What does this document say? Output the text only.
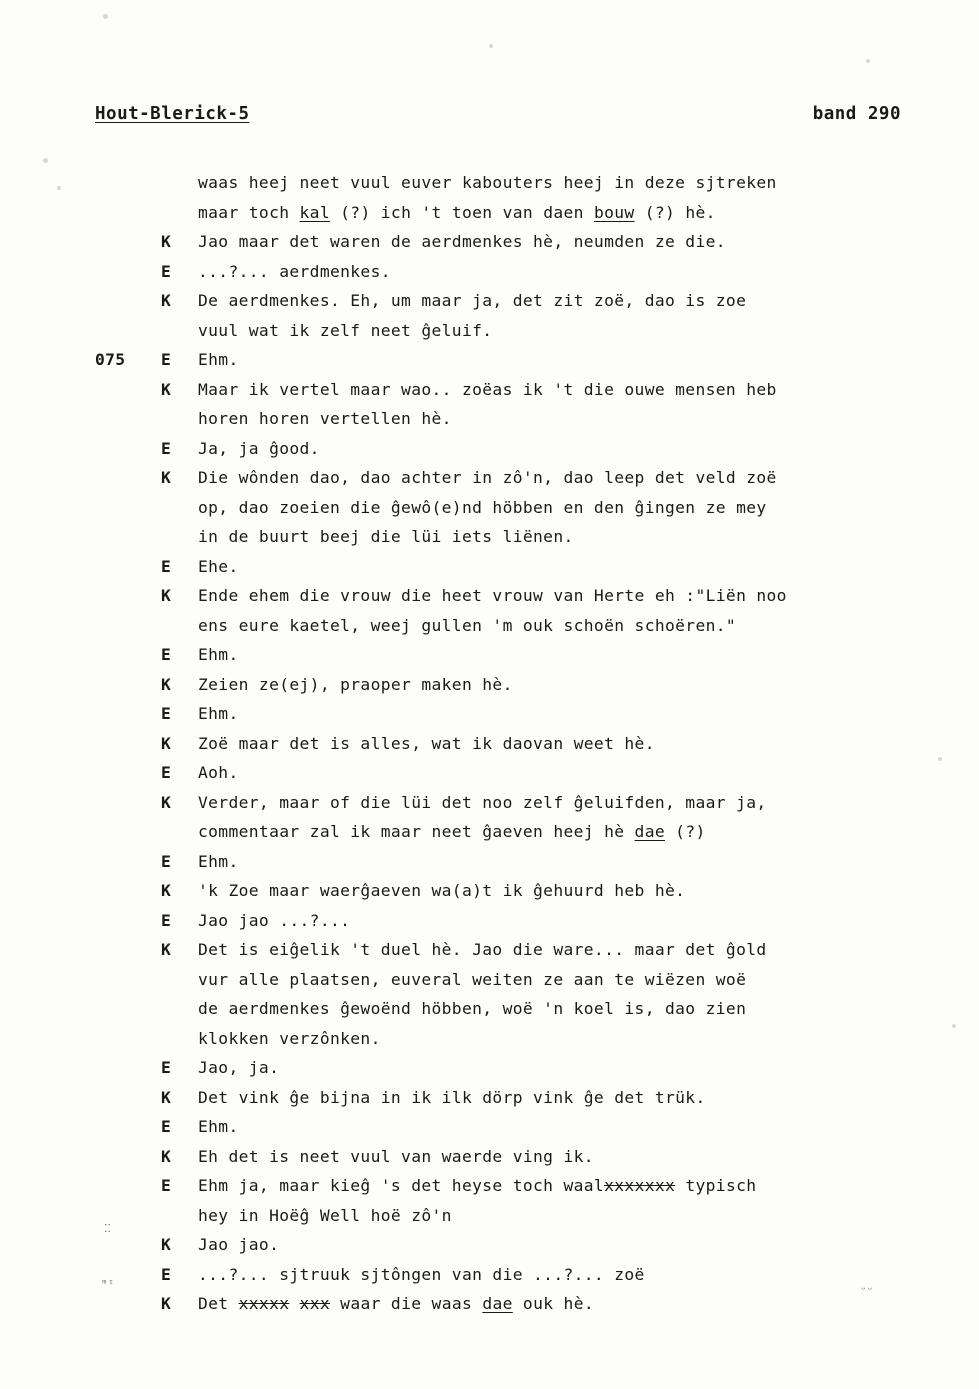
⁚⁚
ᵐᵎ	ᵕᵕ
Hout-Blerick-5	band 290
waas heej neet vuul euver kabouters heej in deze sjtreken
maar toch kal (?) ich 't toen van daen bouw (?) hè.
K	Jao maar det waren de aerdmenkes hè, neumden ze die.
E	...?... aerdmenkes.
K	De aerdmenkes. Eh, um maar ja, det zit zoë, dao is zoe
vuul wat ik zelf neet ĝeluif.
075	E	Ehm.
K	Maar ik vertel maar wao.. zoëas ik 't die ouwe mensen heb
horen horen vertellen hè.
E	Ja, ja ĝood.
K	Die wônden dao, dao achter in zô'n, dao leep det veld zoë
op, dao zoeien die ĝewô(e)nd höbben en den ĝingen ze mey
in de buurt beej die lüi iets liënen.
E	Ehe.
K	Ende ehem die vrouw die heet vrouw van Herte eh :"Liën noo
ens eure kaetel, weej gullen 'm ouk schoën schoëren."
E	Ehm.
K	Zeien ze(ej), praoper maken hè.
E	Ehm.
K	Zoë maar det is alles, wat ik daovan weet hè.
E	Aoh.
K	Verder, maar of die lüi det noo zelf ĝeluifden, maar ja,
commentaar zal ik maar neet ĝaeven heej hè dae (?)
E	Ehm.
K	'k Zoe maar waerĝaeven wa(a)t ik ĝehuurd heb hè.
E	Jao jao ...?...
K	Det is eiĝelik 't duel hè. Jao die ware... maar det ĝold
vur alle plaatsen, euveral weiten ze aan te wiëzen woë
de aerdmenkes ĝewoënd höbben, woë 'n koel is, dao zien
klokken verzônken.
E	Jao, ja.
K	Det vink ĝe bijna in ik ilk dörp vink ĝe det trük.
E	Ehm.
K	Eh det is neet vuul van waerde ving ik.
E	Ehm ja, maar kieĝ 's det heyse toch waalxxxxxxx typisch
hey in Hoëĝ Well hoë zô'n
K	Jao jao.
E	...?... sjtruuk sjtôngen van die ...?... zoë
K	Det xxxxx xxx waar die waas dae ouk hè.
